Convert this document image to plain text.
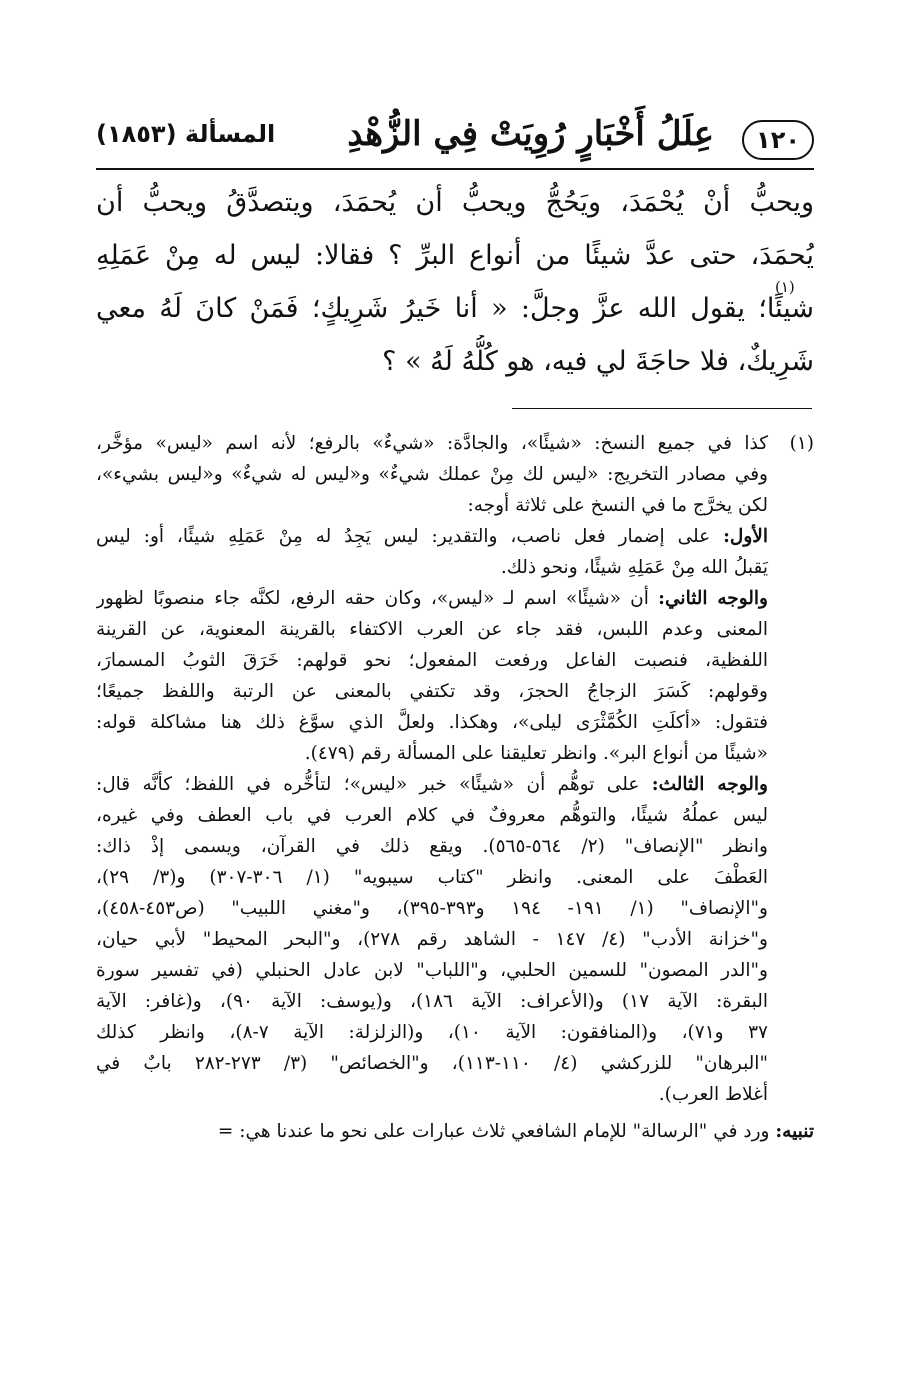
١٢٠
عِلَلُ أَخْبَارٍ رُوِيَتْ فِي الزُّهْدِ
المسألة (١٨٥٣)
ويحبُّ أنْ يُحْمَدَ، ويَحُجُّ ويحبُّ أن يُحمَدَ، ويتصدَّقُ ويحبُّ أن
يُحمَدَ، حتى عدَّ شيئًا من أنواع البرِّ ؟ فقالا: ليس له مِنْ عَمَلِهِ
شيئًا؛ يقول الله عزَّ وجلَّ: « أنا خَيرُ شَرِيكٍ؛ فَمَنْ كانَ لَهُ معي
شَرِيكٌ، فلا حاجَةَ لي فيه، هو كُلُّهُ لَهُ » ؟
(١)
(١)كذا في جميع النسخ: «شيئًا»، والجادَّة: «شيءٌ» بالرفع؛ لأنه اسم «ليس» مؤخَّر،
وفي مصادر التخريج: «ليس لك مِنْ عملك شيءٌ» و«ليس له شيءٌ» و«ليس بشيء»،
لكن يخرَّج ما في النسخ على ثلاثة أوجه:
الأول: على إضمار فعل ناصب، والتقدير: ليس يَجِدُ له مِنْ عَمَلِهِ شيئًا، أو: ليس
يَقبلُ الله مِنْ عَمَلِهِ شيئًا، ونحو ذلك.
والوجه الثاني: أن «شيئًا» اسم لـ «ليس»، وكان حقه الرفع، لكنَّه جاء منصوبًا لظهور
المعنى وعدم اللبس، فقد جاء عن العرب الاكتفاء بالقرينة المعنوية، عن القرينة
اللفظية، فنصبت الفاعل ورفعت المفعول؛ نحو قولهم: خَرَقَ الثوبُ المسمارَ،
وقولهم: كَسَرَ الزجاجُ الحجرَ، وقد تكتفي بالمعنى عن الرتبة واللفظ جميعًا؛
فتقول: «أكلَتِ الكُمَّثْرَى ليلى»، وهكذا. ولعلَّ الذي سوَّغ ذلك هنا مشاكلة قوله:
«شيئًا من أنواع البر». وانظر تعليقنا على المسألة رقم (٤٧٩).
والوجه الثالث: على توهُّم أن «شيئًا» خبر «ليس»؛ لتأخُّره في اللفظ؛ كأنَّه قال:
ليس عملُهُ شيئًا، والتوهُّم معروفٌ في كلام العرب في باب العطف وفي غيره،
وانظر "الإنصاف" (٢/ ٥٦٤-٥٦٥). ويقع ذلك في القرآن، ويسمى إذْ ذاك:
العَطْفَ على المعنى. وانظر "كتاب سيبويه" (١/ ٣٠٦-٣٠٧) و(٣/ ٢٩)،
و"الإنصاف" (١/ ١٩١- ١٩٤ و٣٩٣-٣٩٥)، و"مغني اللبيب" (ص٤٥٣-٤٥٨)،
و"خزانة الأدب" (٤/ ١٤٧ - الشاهد رقم ٢٧٨)، و"البحر المحيط" لأبي حيان،
و"الدر المصون" للسمين الحلبي، و"اللباب" لابن عادل الحنبلي (في تفسير سورة
البقرة: الآية ١٧) و(الأعراف: الآية ١٨٦)، و(يوسف: الآية ٩٠)، و(غافر: الآية
٣٧ و٧١)، و(المنافقون: الآية ١٠)، و(الزلزلة: الآية ٧-٨)، وانظر كذلك
"البرهان" للزركشي (٤/ ١١٠-١١٣)، و"الخصائص" (٣/ ٢٧٣-٢٨٢ بابٌ في
أغلاط العرب).
تنبيه: ورد في "الرسالة" للإمام الشافعي ثلاث عبارات على نحو ما عندنا هي: =
